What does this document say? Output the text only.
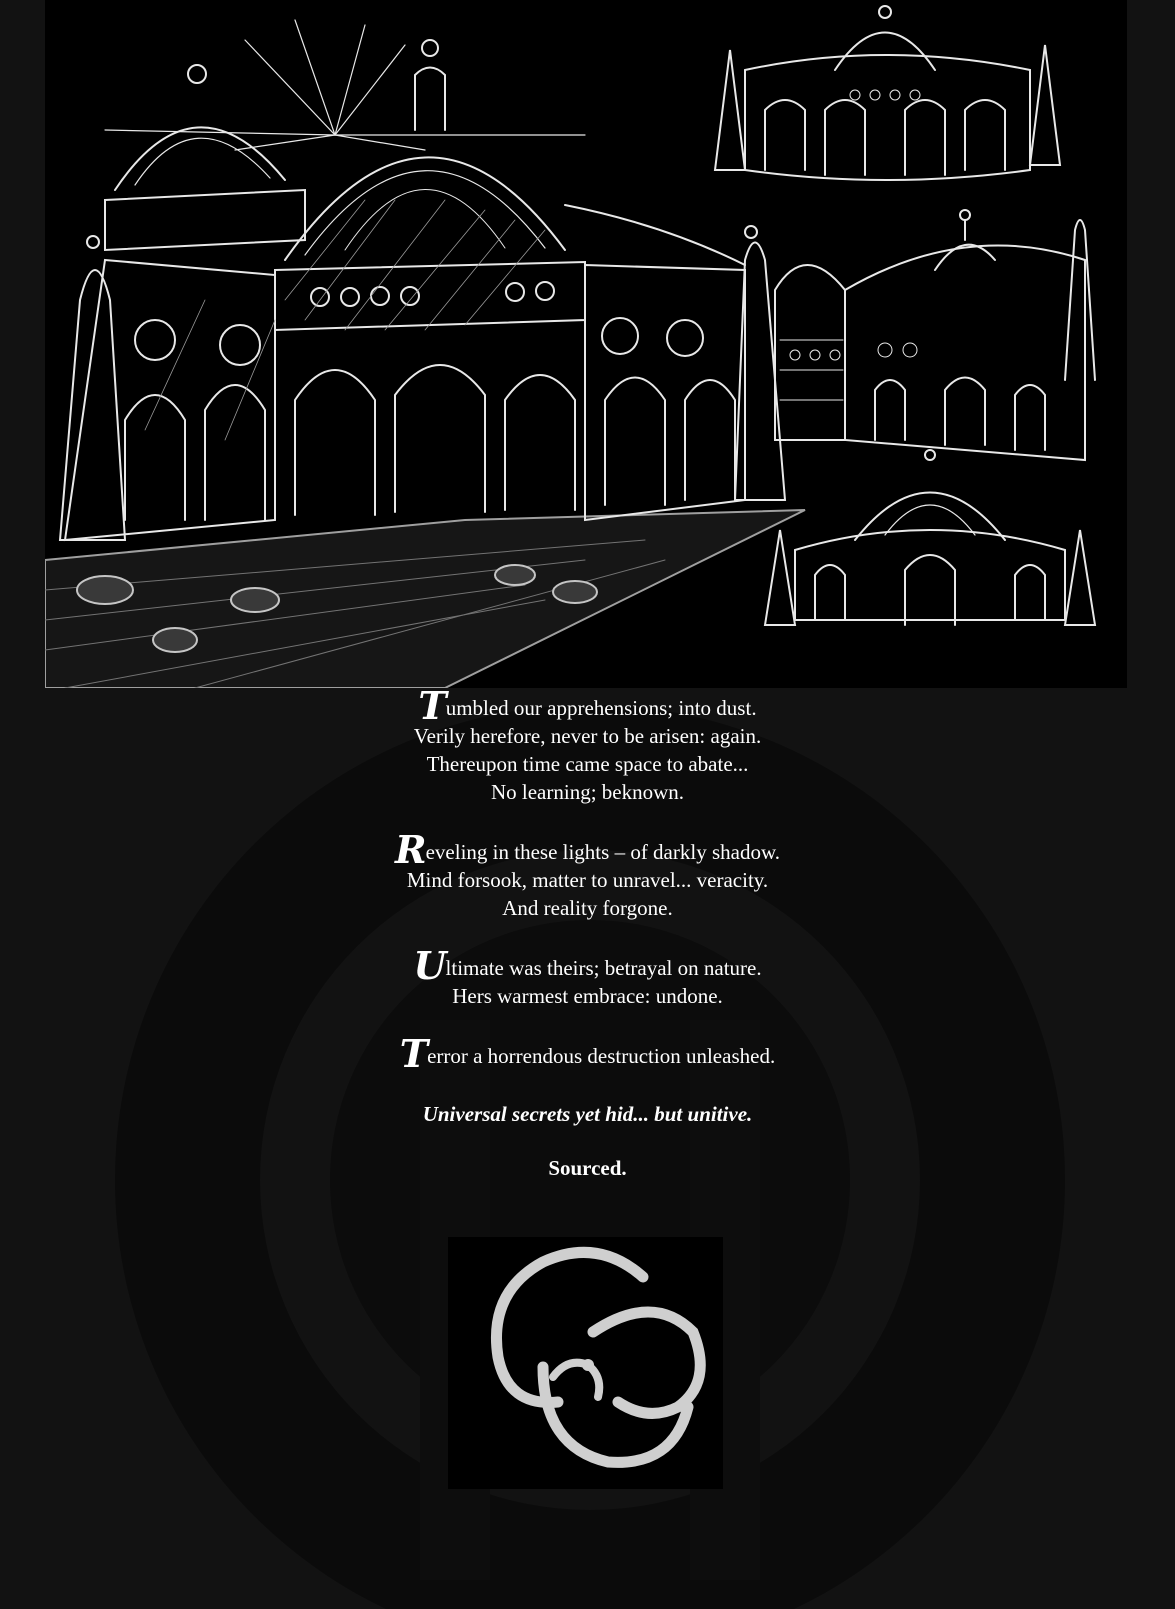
Tumbled our apprehensions; into dust.
Verily herefore, never to be arisen: again.
Thereupon time came space to abate...
No learning; beknown.
Reveling in these lights – of darkly shadow.
Mind forsook, matter to unravel... veracity.
And reality forgone.
Ultimate was theirs; betrayal on nature.
Hers warmest embrace: undone.
Terror a horrendous destruction unleashed.
Universal secrets yet hid... but unitive.
Sourced.
